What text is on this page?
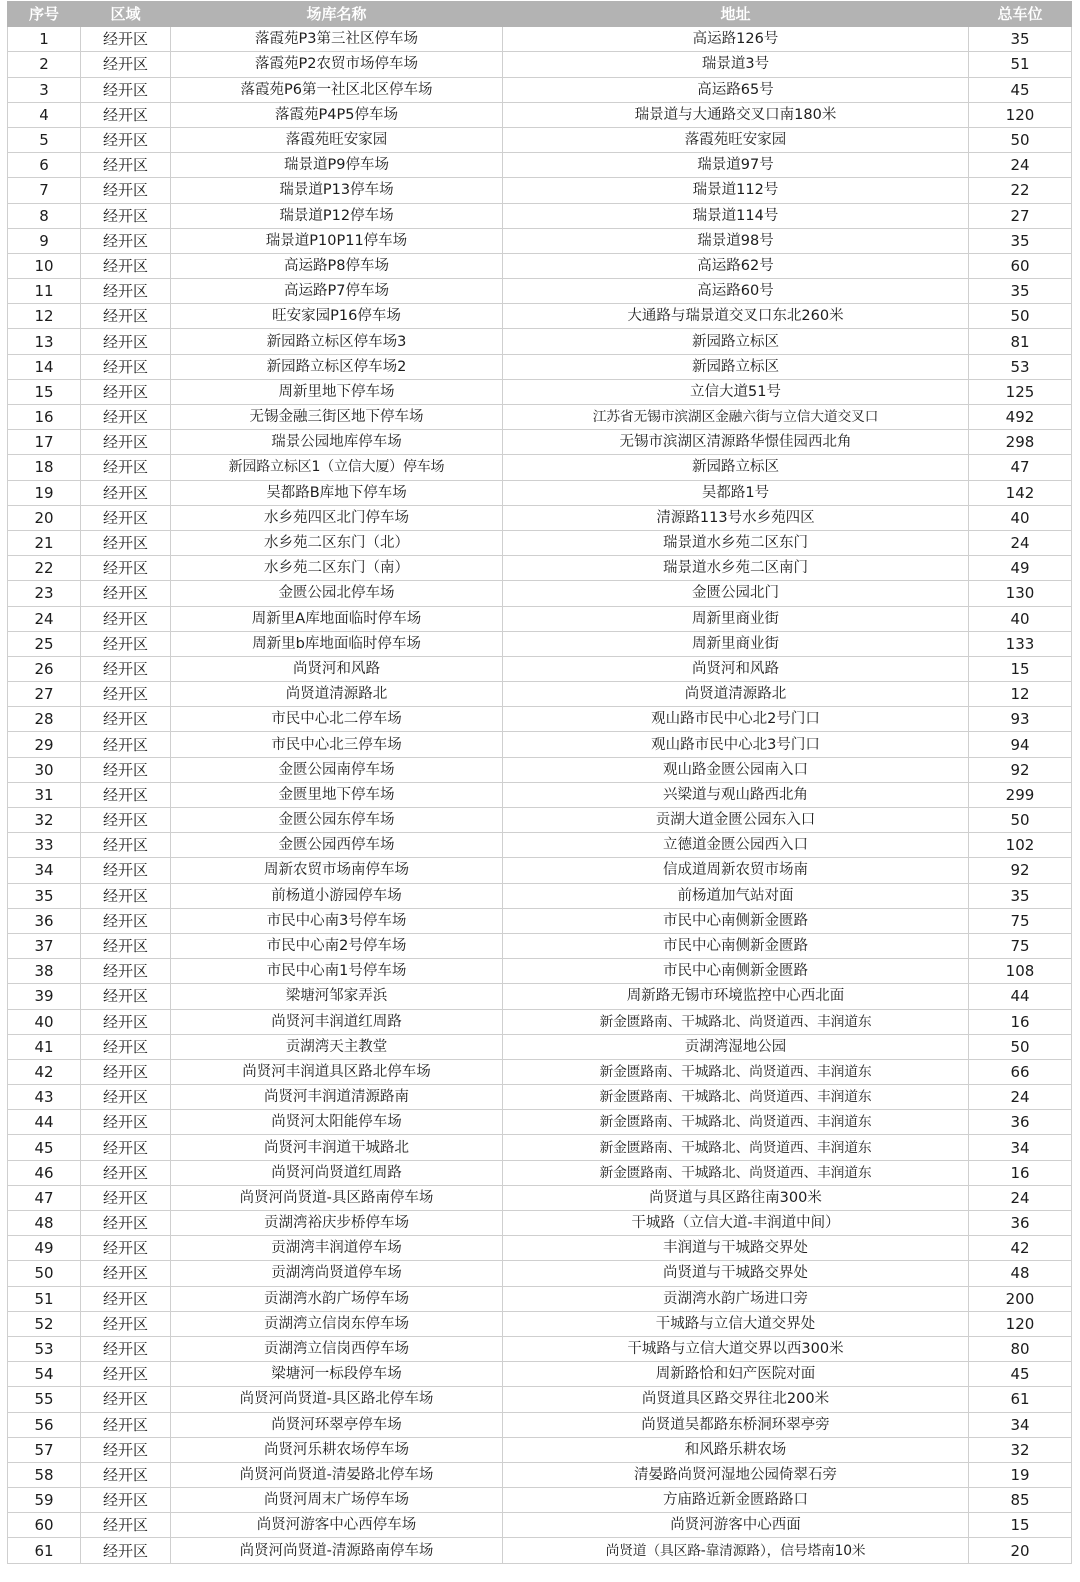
序号	区域	场库名称	地址	总车位
1	经开区	落霞苑P3第三社区停车场	高运路126号	35
2	经开区	落霞苑P2农贸市场停车场	瑞景道3号	51
3	经开区	落霞苑P6第一社区北区停车场	高运路65号	45
4	经开区	落霞苑P4P5停车场	瑞景道与大通路交叉口南180米	120
5	经开区	落霞苑旺安家园	落霞苑旺安家园	50
6	经开区	瑞景道P9停车场	瑞景道97号	24
7	经开区	瑞景道P13停车场	瑞景道112号	22
8	经开区	瑞景道P12停车场	瑞景道114号	27
9	经开区	瑞景道P10P11停车场	瑞景道98号	35
10	经开区	高运路P8停车场	高运路62号	60
11	经开区	高运路P7停车场	高运路60号	35
12	经开区	旺安家园P16停车场	大通路与瑞景道交叉口东北260米	50
13	经开区	新园路立标区停车场3	新园路立标区	81
14	经开区	新园路立标区停车场2	新园路立标区	53
15	经开区	周新里地下停车场	立信大道51号	125
16	经开区	无锡金融三街区地下停车场	江苏省无锡市滨湖区金融六街与立信大道交叉口	492
17	经开区	瑞景公园地库停车场	无锡市滨湖区清源路华憬佳园西北角	298
18	经开区	新园路立标区1（立信大厦）停车场	新园路立标区	47
19	经开区	吴都路B库地下停车场	吴都路1号	142
20	经开区	水乡苑四区北门停车场	清源路113号水乡苑四区	40
21	经开区	水乡苑二区东门（北）	瑞景道水乡苑二区东门	24
22	经开区	水乡苑二区东门（南）	瑞景道水乡苑二区南门	49
23	经开区	金匮公园北停车场	金匮公园北门	130
24	经开区	周新里A库地面临时停车场	周新里商业街	40
25	经开区	周新里b库地面临时停车场	周新里商业街	133
26	经开区	尚贤河和风路	尚贤河和风路	15
27	经开区	尚贤道清源路北	尚贤道清源路北	12
28	经开区	市民中心北二停车场	观山路市民中心北2号门口	93
29	经开区	市民中心北三停车场	观山路市民中心北3号门口	94
30	经开区	金匮公园南停车场	观山路金匮公园南入口	92
31	经开区	金匮里地下停车场	兴梁道与观山路西北角	299
32	经开区	金匮公园东停车场	贡湖大道金匮公园东入口	50
33	经开区	金匮公园西停车场	立德道金匮公园西入口	102
34	经开区	周新农贸市场南停车场	信成道周新农贸市场南	92
35	经开区	前杨道小游园停车场	前杨道加气站对面	35
36	经开区	市民中心南3号停车场	市民中心南侧新金匮路	75
37	经开区	市民中心南2号停车场	市民中心南侧新金匮路	75
38	经开区	市民中心南1号停车场	市民中心南侧新金匮路	108
39	经开区	梁塘河邹家弄浜	周新路无锡市环境监控中心西北面	44
40	经开区	尚贤河丰润道红周路	新金匮路南、干城路北、尚贤道西、丰润道东	16
41	经开区	贡湖湾天主教堂	贡湖湾湿地公园	50
42	经开区	尚贤河丰润道具区路北停车场	新金匮路南、干城路北、尚贤道西、丰润道东	66
43	经开区	尚贤河丰润道清源路南	新金匮路南、干城路北、尚贤道西、丰润道东	24
44	经开区	尚贤河太阳能停车场	新金匮路南、干城路北、尚贤道西、丰润道东	36
45	经开区	尚贤河丰润道干城路北	新金匮路南、干城路北、尚贤道西、丰润道东	34
46	经开区	尚贤河尚贤道红周路	新金匮路南、干城路北、尚贤道西、丰润道东	16
47	经开区	尚贤河尚贤道-具区路南停车场	尚贤道与具区路往南300米	24
48	经开区	贡湖湾裕庆步桥停车场	干城路（立信大道-丰润道中间）	36
49	经开区	贡湖湾丰润道停车场	丰润道与干城路交界处	42
50	经开区	贡湖湾尚贤道停车场	尚贤道与干城路交界处	48
51	经开区	贡湖湾水韵广场停车场	贡湖湾水韵广场进口旁	200
52	经开区	贡湖湾立信岗东停车场	干城路与立信大道交界处	120
53	经开区	贡湖湾立信岗西停车场	干城路与立信大道交界以西300米	80
54	经开区	梁塘河一标段停车场	周新路恰和妇产医院对面	45
55	经开区	尚贤河尚贤道-具区路北停车场	尚贤道具区路交界往北200米	61
56	经开区	尚贤河环翠亭停车场	尚贤道吴都路东桥洞环翠亭旁	34
57	经开区	尚贤河乐耕农场停车场	和风路乐耕农场	32
58	经开区	尚贤河尚贤道-清晏路北停车场	清晏路尚贤河湿地公园倚翠石旁	19
59	经开区	尚贤河周末广场停车场	方庙路近新金匮路路口	85
60	经开区	尚贤河游客中心西停车场	尚贤河游客中心西面	15
61	经开区	尚贤河尚贤道-清源路南停车场	尚贤道（具区路-靠清源路），信号塔南10米	20
